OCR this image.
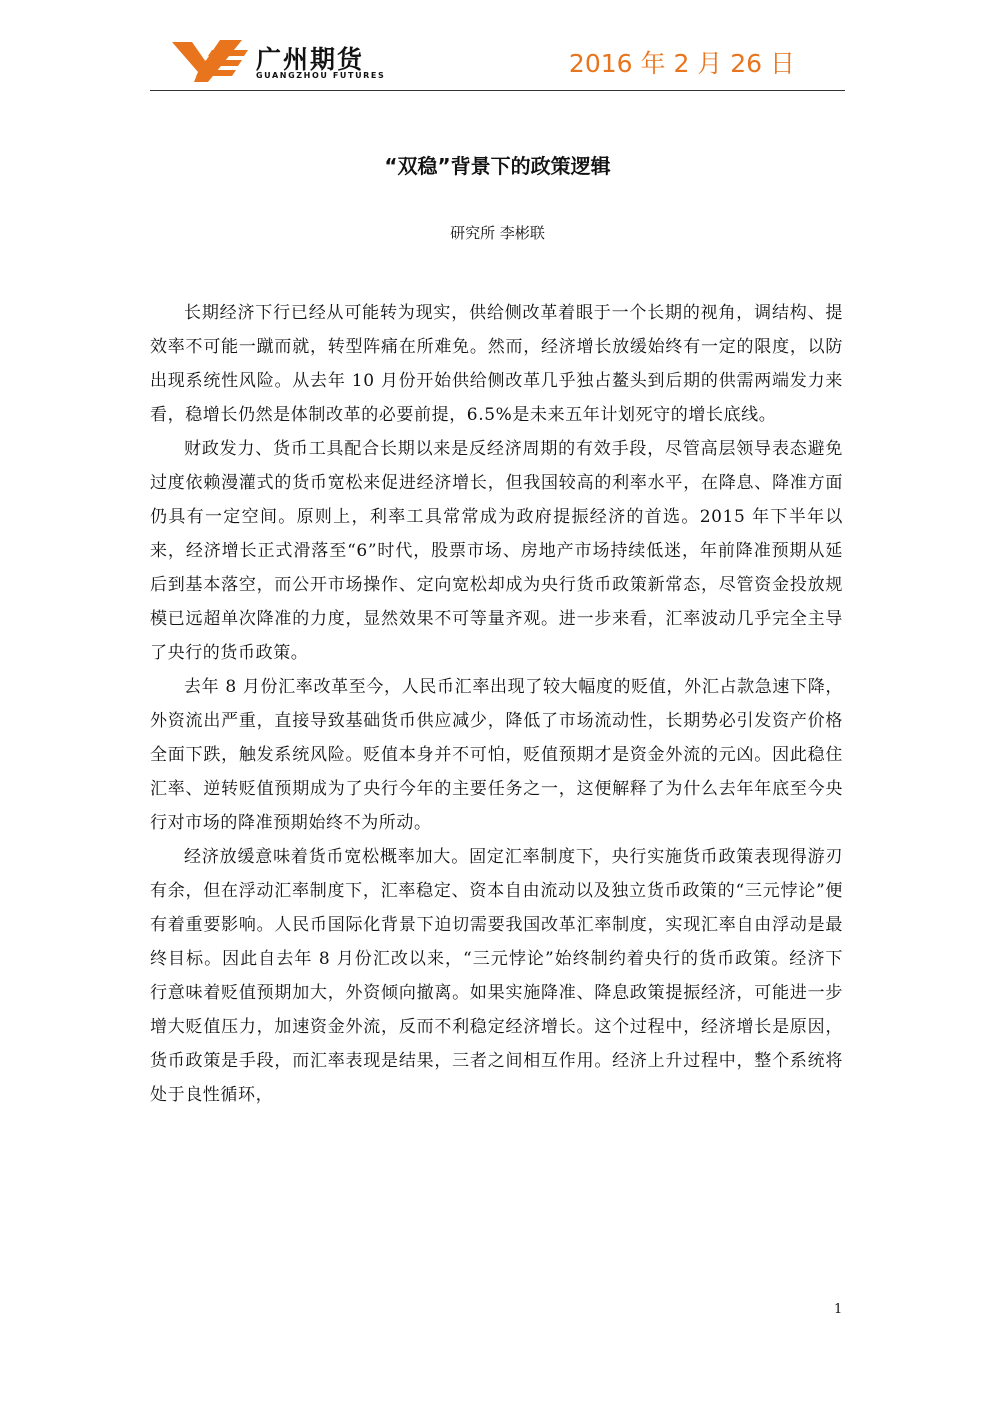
广州期货
GUANGZHOU FUTURES	2016 年 2 月 26 日
“双稳”背景下的政策逻辑
研究所 李彬联

长期经济下行已经从可能转为现实，供给侧改革着眼于一个长期的视角，调结构、提效率不可能一蹴而就，转型阵痛在所难免。然而，经济增长放缓始终有一定的限度，以防出现系统性风险。从去年 10 月份开始供给侧改革几乎独占鳌头到后期的供需两端发力来看，稳增长仍然是体制改革的必要前提，6.5%是未来五年计划死守的增长底线。

财政发力、货币工具配合长期以来是反经济周期的有效手段，尽管高层领导表态避免过度依赖漫灌式的货币宽松来促进经济增长，但我国较高的利率水平，在降息、降准方面仍具有一定空间。原则上，利率工具常常成为政府提振经济的首选。2015 年下半年以来，经济增长正式滑落至“6”时代，股票市场、房地产市场持续低迷，年前降准预期从延后到基本落空，而公开市场操作、定向宽松却成为央行货币政策新常态，尽管资金投放规模已远超单次降准的力度，显然效果不可等量齐观。进一步来看，汇率波动几乎完全主导了央行的货币政策。

去年 8 月份汇率改革至今，人民币汇率出现了较大幅度的贬值，外汇占款急速下降，外资流出严重，直接导致基础货币供应减少，降低了市场流动性，长期势必引发资产价格全面下跌，触发系统风险。贬值本身并不可怕，贬值预期才是资金外流的元凶。因此稳住汇率、逆转贬值预期成为了央行今年的主要任务之一，这便解释了为什么去年年底至今央行对市场的降准预期始终不为所动。

经济放缓意味着货币宽松概率加大。固定汇率制度下，央行实施货币政策表现得游刃有余，但在浮动汇率制度下，汇率稳定、资本自由流动以及独立货币政策的“三元悖论”便有着重要影响。人民币国际化背景下迫切需要我国改革汇率制度，实现汇率自由浮动是最终目标。因此自去年 8 月份汇改以来，“三元悖论”始终制约着央行的货币政策。经济下行意味着贬值预期加大，外资倾向撤离。如果实施降准、降息政策提振经济，可能进一步增大贬值压力，加速资金外流，反而不利稳定经济增长。这个过程中，经济增长是原因，货币政策是手段，而汇率表现是结果，三者之间相互作用。经济上升过程中，整个系统将处于良性循环，

1
